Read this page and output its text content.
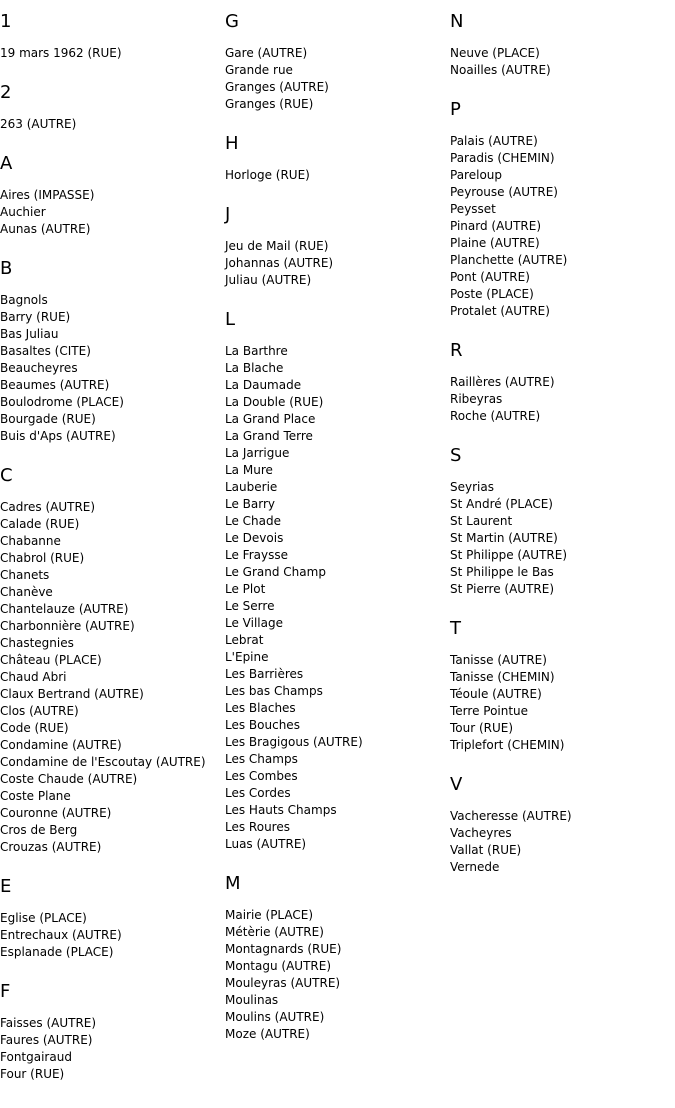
1
19 mars 1962 (RUE)
2
263 (AUTRE)
A
Aires (IMPASSE)
Auchier
Aunas (AUTRE)
B
Bagnols
Barry (RUE)
Bas Juliau
Basaltes (CITE)
Beaucheyres
Beaumes (AUTRE)
Boulodrome (PLACE)
Bourgade (RUE)
Buis d'Aps (AUTRE)
C
Cadres (AUTRE)
Calade (RUE)
Chabanne
Chabrol (RUE)
Chanets
Chanève
Chantelauze (AUTRE)
Charbonnière (AUTRE)
Chastegnies
Château (PLACE)
Chaud Abri
Claux Bertrand (AUTRE)
Clos (AUTRE)
Code (RUE)
Condamine (AUTRE)
Condamine de l'Escoutay (AUTRE)
Coste Chaude (AUTRE)
Coste Plane
Couronne (AUTRE)
Cros de Berg
Crouzas (AUTRE)
E
Eglise (PLACE)
Entrechaux (AUTRE)
Esplanade (PLACE)
F
Faisses (AUTRE)
Faures (AUTRE)
Fontgairaud
Four (RUE)
G
Gare (AUTRE)
Grande rue
Granges (AUTRE)
Granges (RUE)
H
Horloge (RUE)
J
Jeu de Mail (RUE)
Johannas (AUTRE)
Juliau (AUTRE)
L
La Barthre
La Blache
La Daumade
La Double (RUE)
La Grand Place
La Grand Terre
La Jarrigue
La Mure
Lauberie
Le Barry
Le Chade
Le Devois
Le Fraysse
Le Grand Champ
Le Plot
Le Serre
Le Village
Lebrat
L'Epine
Les Barrières
Les bas Champs
Les Blaches
Les Bouches
Les Bragigous (AUTRE)
Les Champs
Les Combes
Les Cordes
Les Hauts Champs
Les Roures
Luas (AUTRE)
M
Mairie (PLACE)
Métèrie (AUTRE)
Montagnards (RUE)
Montagu (AUTRE)
Mouleyras (AUTRE)
Moulinas
Moulins (AUTRE)
Moze (AUTRE)
N
Neuve (PLACE)
Noailles (AUTRE)
P
Palais (AUTRE)
Paradis (CHEMIN)
Pareloup
Peyrouse (AUTRE)
Peysset
Pinard (AUTRE)
Plaine (AUTRE)
Planchette (AUTRE)
Pont (AUTRE)
Poste (PLACE)
Protalet (AUTRE)
R
Raillères (AUTRE)
Ribeyras
Roche (AUTRE)
S
Seyrias
St André (PLACE)
St Laurent
St Martin (AUTRE)
St Philippe (AUTRE)
St Philippe le Bas
St Pierre (AUTRE)
T
Tanisse (AUTRE)
Tanisse (CHEMIN)
Téoule (AUTRE)
Terre Pointue
Tour (RUE)
Triplefort (CHEMIN)
V
Vacheresse (AUTRE)
Vacheyres
Vallat (RUE)
Vernede
